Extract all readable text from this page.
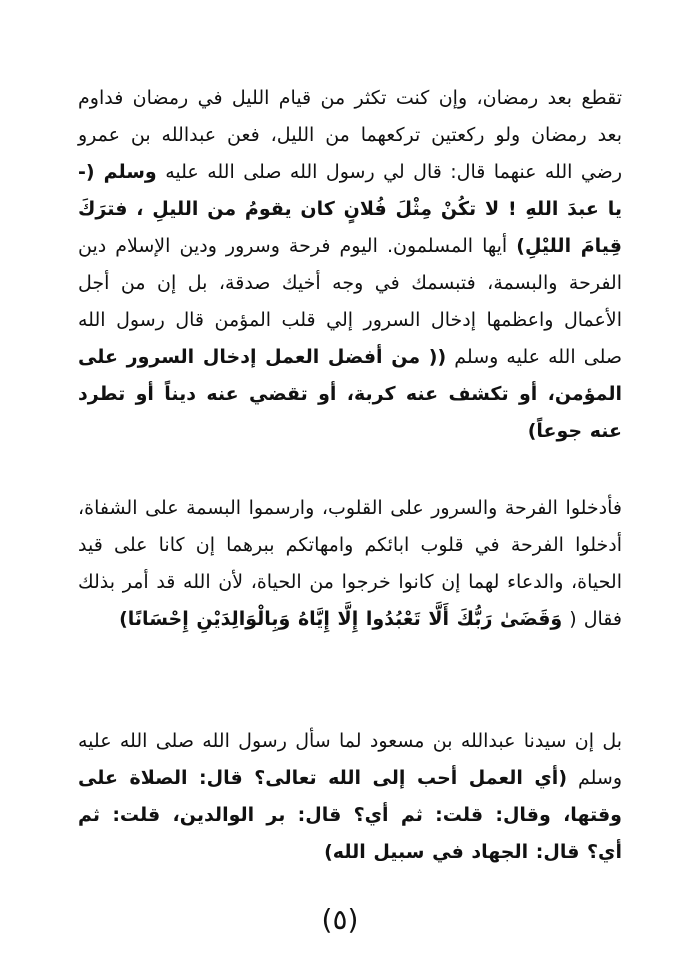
تقطع بعد رمضان، وإن كنت تكثر من قيام الليل في رمضان فداوم بعد رمضان ولو ركعتين تركعهما من الليل، فعن عبدالله بن عمرو رضي الله عنهما قال: قال لي رسول الله صلى الله عليه وسلم (- يا عبدَ اللهِ ! لا تكُنْ مِثْلَ فُلانٍ كان يقومُ من الليلِ ، فترَكَ قِيامَ الليْلِ) أيها المسلمون. اليوم فرحة وسرور ودين الإسلام دين الفرحة والبسمة، فتبسمك في وجه أخيك صدقة، بل إن من أجل الأعمال واعظمها إدخال السرور إلي قلب المؤمن قال رسول الله صلى الله عليه وسلم (( من أفضل العمل إدخال السرور على المؤمن، أو تكشف عنه كربة، أو تقضي عنه ديناً أو تطرد عنه جوعاً)
فأدخلوا الفرحة والسرور على القلوب، وارسموا البسمة على الشفاة، أدخلوا الفرحة في قلوب ابائكم وامهاتكم ببرهما إن كانا على قيد الحياة، والدعاء لهما إن كانوا خرجوا من الحياة، لأن الله قد أمر بذلك فقال ( وَقَضَىٰ رَبُّكَ أَلَّا تَعْبُدُوا إِلَّا إِيَّاهُ وَبِالْوَالِدَيْنِ إِحْسَانًا)
بل إن سيدنا عبدالله بن مسعود لما سأل رسول الله صلى الله عليه وسلم (أي العمل أحب إلى الله تعالى؟ قال: الصلاة على وقتها، وقال: قلت: ثم أي؟ قال: بر الوالدين، قلت: ثم أي؟ قال: الجهاد في سبيل الله)
(٥)
